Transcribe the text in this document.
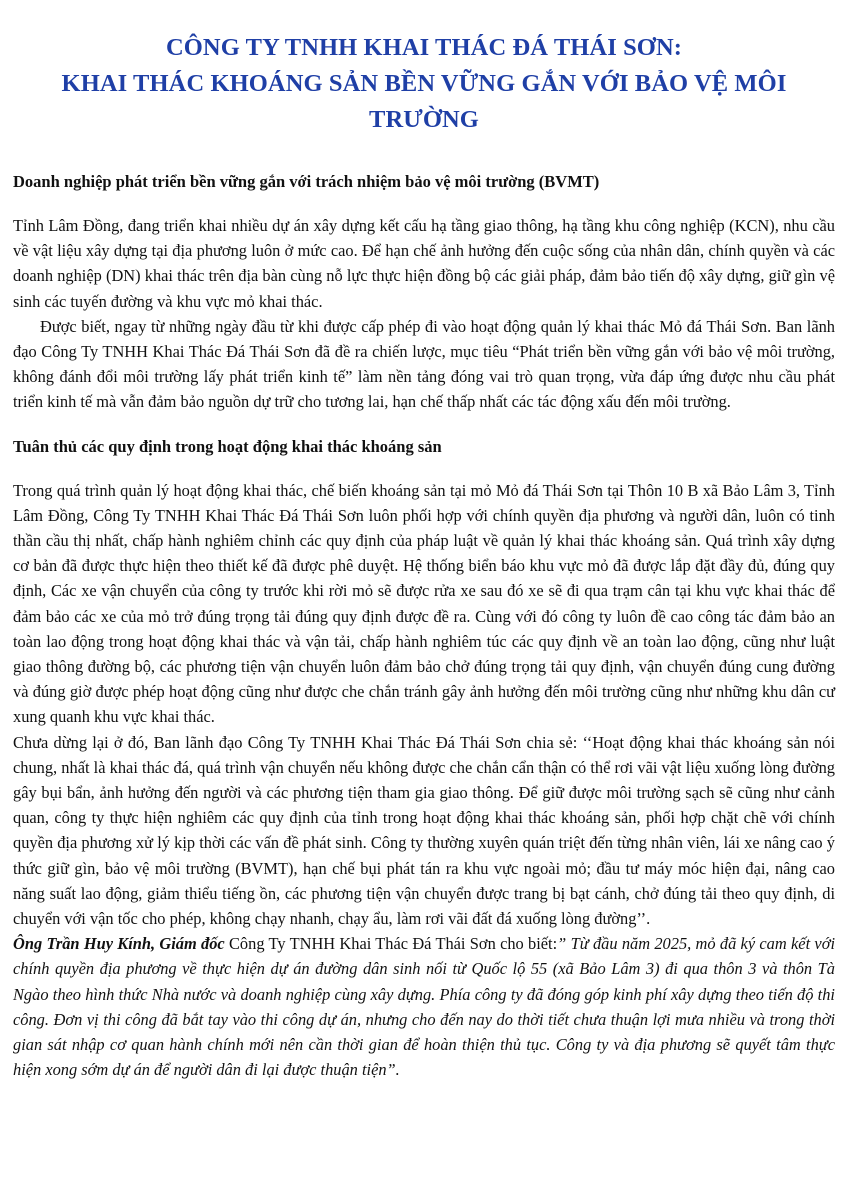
CÔNG TY TNHH KHAI THÁC ĐÁ THÁI SƠN:
KHAI THÁC KHOÁNG SẢN BỀN VỮNG GẮN VỚI BẢO VỆ MÔI TRƯỜNG
Doanh nghiệp phát triển bền vững gắn với trách nhiệm bảo vệ môi trường (BVMT)

Tỉnh Lâm Đồng, đang triển khai nhiều dự án xây dựng kết cấu hạ tầng giao thông, hạ tầng khu công nghiệp (KCN), nhu cầu về vật liệu xây dựng tại địa phương luôn ở mức cao. Để hạn chế ảnh hưởng đến cuộc sống của nhân dân, chính quyền và các doanh nghiệp (DN) khai thác trên địa bàn cùng nỗ lực thực hiện đồng bộ các giải pháp, đảm bảo tiến độ xây dựng, giữ gìn vệ sinh các tuyến đường và khu vực mỏ khai thác.

Được biết, ngay từ những ngày đầu từ khi được cấp phép đi vào hoạt động quản lý khai thác Mỏ đá Thái Sơn. Ban lãnh đạo Công Ty TNHH Khai Thác Đá Thái Sơn đã đề ra chiến lược, mục tiêu “Phát triển bền vững gắn với bảo vệ môi trường, không đánh đổi môi trường lấy phát triển kinh tế” làm nền tảng đóng vai trò quan trọng, vừa đáp ứng được nhu cầu phát triển kinh tế mà vẫn đảm bảo nguồn dự trữ cho tương lai, hạn chế thấp nhất các tác động xấu đến môi trường.

Tuân thủ các quy định trong hoạt động khai thác khoáng sản

Trong quá trình quản lý hoạt động khai thác, chế biến khoáng sản tại mỏ Mỏ đá Thái Sơn tại Thôn 10 B xã Bảo Lâm 3, Tỉnh Lâm Đồng, Công Ty TNHH Khai Thác Đá Thái Sơn luôn phối hợp với chính quyền địa phương và người dân, luôn có tinh thần cầu thị nhất, chấp hành nghiêm chỉnh các quy định của pháp luật về quản lý khai thác khoáng sản. Quá trình xây dựng cơ bản đã được thực hiện theo thiết kế đã được phê duyệt. Hệ thống biển báo khu vực mỏ đã được lắp đặt đầy đủ, đúng quy định, Các xe vận chuyển của công ty trước khi rời mỏ sẽ được rửa xe sau đó xe sẽ đi qua trạm cân tại khu vực khai thác để đảm bảo các xe của mỏ trở đúng trọng tải đúng quy định được đề ra. Cùng với đó công ty luôn đề cao công tác đảm bảo an toàn lao động trong hoạt động khai thác và vận tải, chấp hành nghiêm túc các quy định về an toàn lao động, cũng như luật giao thông đường bộ, các phương tiện vận chuyển luôn đảm bảo chở đúng trọng tải quy định, vận chuyển đúng cung đường và đúng giờ được phép hoạt động cũng như được che chắn tránh gây ảnh hưởng đến môi trường cũng như những khu dân cư xung quanh khu vực khai thác.

Chưa dừng lại ở đó, Ban lãnh đạo Công Ty TNHH Khai Thác Đá Thái Sơn chia sẻ: ‘‘Hoạt động khai thác khoáng sản nói chung, nhất là khai thác đá, quá trình vận chuyển nếu không được che chắn cẩn thận có thể rơi vãi vật liệu xuống lòng đường gây bụi bẩn, ảnh hưởng đến người và các phương tiện tham gia giao thông. Để giữ được môi trường sạch sẽ cũng như cảnh quan, công ty thực hiện nghiêm các quy định của tỉnh trong hoạt động khai thác khoáng sản, phối hợp chặt chẽ với chính quyền địa phương xử lý kịp thời các vấn đề phát sinh. Công ty thường xuyên quán triệt đến từng nhân viên, lái xe nâng cao ý thức giữ gìn, bảo vệ môi trường (BVMT), hạn chế bụi phát tán ra khu vực ngoài mỏ; đầu tư máy móc hiện đại, nâng cao năng suất lao động, giảm thiểu tiếng ồn, các phương tiện vận chuyển được trang bị bạt cánh, chở đúng tải theo quy định, di chuyển với vận tốc cho phép, không chạy nhanh, chạy ẩu, làm rơi vãi đất đá xuống lòng đường’’.

Ông Trần Huy Kính, Giám đốc Công Ty TNHH Khai Thác Đá Thái Sơn cho biết:” Từ đầu năm 2025, mỏ đã ký cam kết với chính quyền địa phương về thực hiện dự án đường dân sinh nối từ Quốc lộ 55 (xã Bảo Lâm 3) đi qua thôn 3 và thôn Tà Ngào theo hình thức Nhà nước và doanh nghiệp cùng xây dựng. Phía công ty đã đóng góp kinh phí xây dựng theo tiến độ thi công. Đơn vị thi công đã bắt tay vào thi công dự án, nhưng cho đến nay do thời tiết chưa thuận lợi mưa nhiều và trong thời gian sát nhập cơ quan hành chính mới nên cần thời gian để hoàn thiện thủ tục. Công ty và địa phương sẽ quyết tâm thực hiện xong sớm dự án để người dân đi lại được thuận tiện”.
